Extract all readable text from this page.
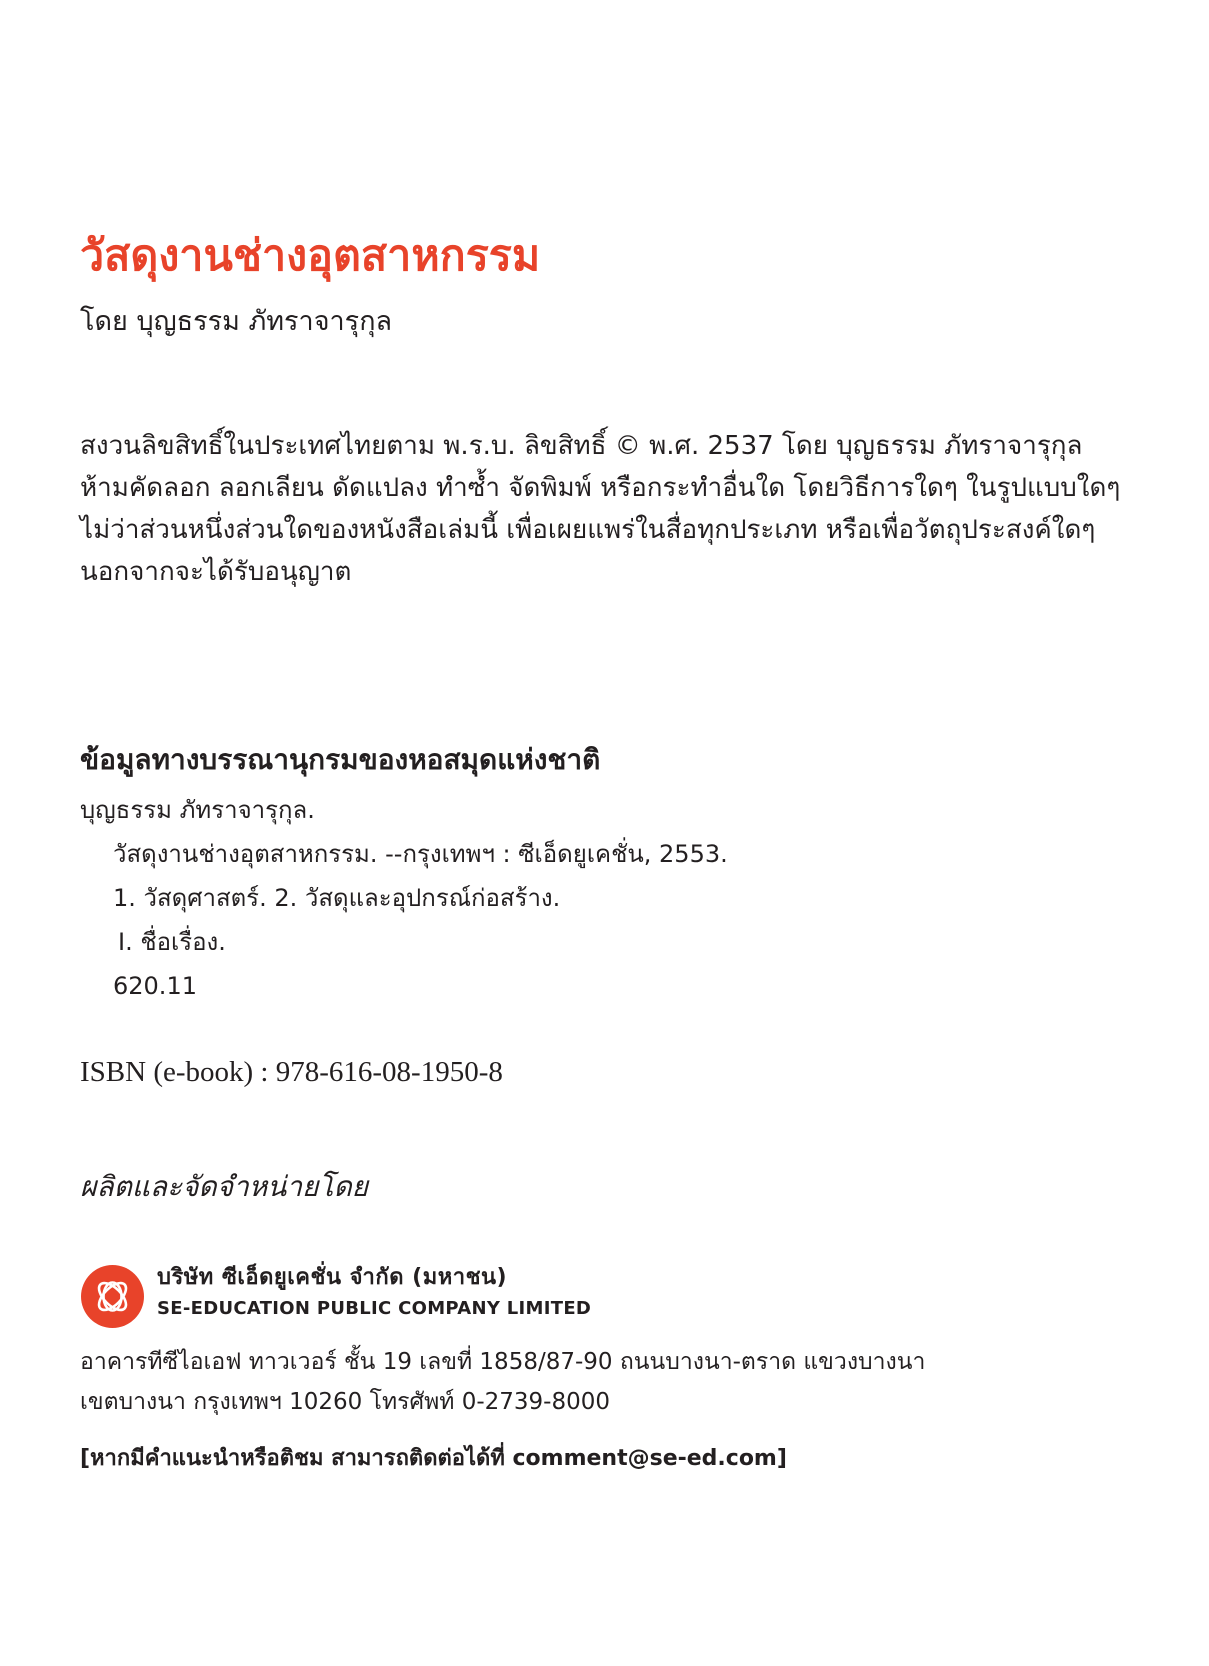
วัสดุงานช่างอุตสาหกรรม
โดย บุญธรรม ภัทราจารุกุล
สงวนลิขสิทธิ์ในประเทศไทยตาม พ.ร.บ. ลิขสิทธิ์ © พ.ศ. 2537 โดย บุญธรรม ภัทราจารุกุล
ห้ามคัดลอก ลอกเลียน ดัดแปลง ทำซ้ำ จัดพิมพ์ หรือกระทำอื่นใด โดยวิธีการใดๆ ในรูปแบบใดๆ
ไม่ว่าส่วนหนึ่งส่วนใดของหนังสือเล่มนี้ เพื่อเผยแพร่ในสื่อทุกประเภท หรือเพื่อวัตถุประสงค์ใดๆ
นอกจากจะได้รับอนุญาต
ข้อมูลทางบรรณานุกรมของหอสมุดแห่งชาติ
บุญธรรม ภัทราจารุกุล.
วัสดุงานช่างอุตสาหกรรม. --กรุงเทพฯ : ซีเอ็ดยูเคชั่น, 2553.
1. วัสดุศาสตร์. 2. วัสดุและอุปกรณ์ก่อสร้าง.
I. ชื่อเรื่อง.
620.11
ISBN (e-book) : 978-616-08-1950-8
ผลิตและจัดจำหน่ายโดย
บริษัท ซีเอ็ดยูเคชั่น จำกัด (มหาชน)
SE-EDUCATION PUBLIC COMPANY LIMITED
อาคารทีซีไอเอฟ ทาวเวอร์ ชั้น 19 เลขที่ 1858/87-90 ถนนบางนา-ตราด แขวงบางนา
เขตบางนา กรุงเทพฯ 10260 โทรศัพท์ 0-2739-8000
[หากมีคำแนะนำหรือติชม สามารถติดต่อได้ที่ comment@se-ed.com]
